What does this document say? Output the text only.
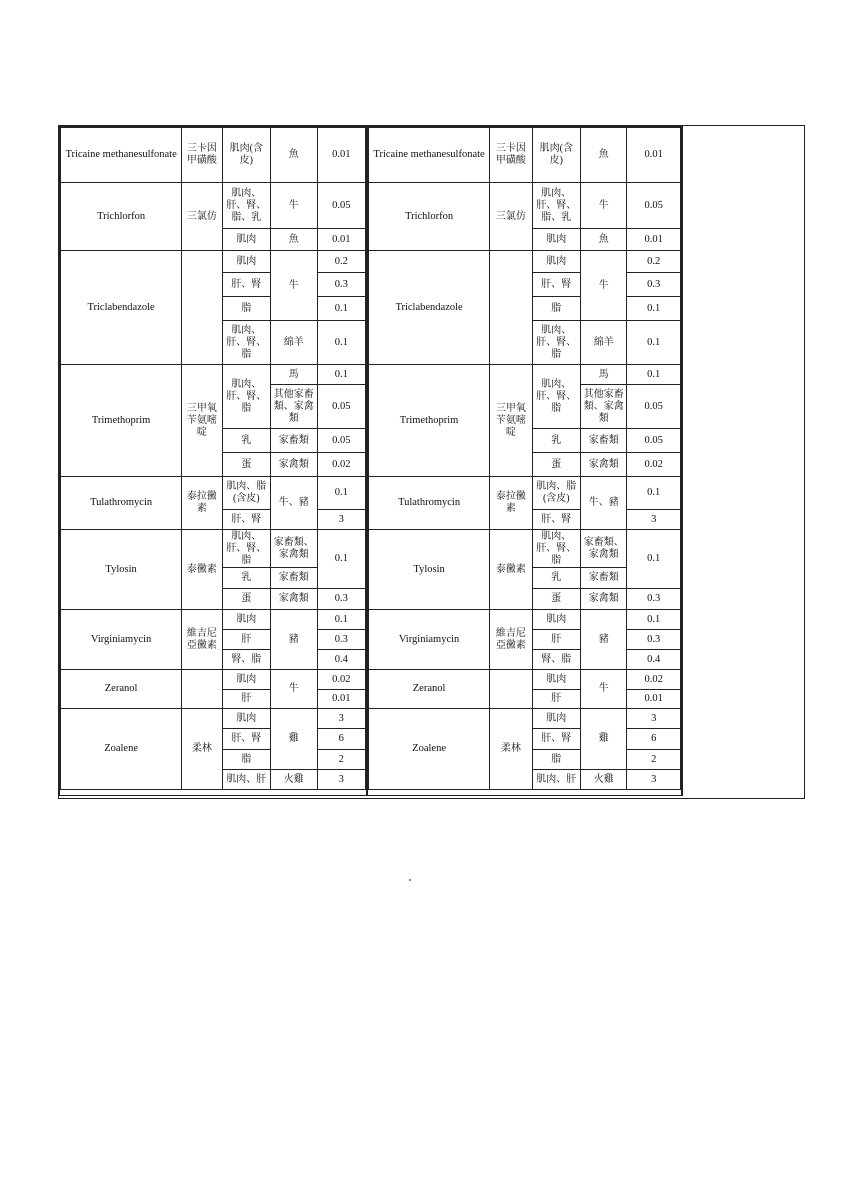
Tricaine methanesulfonate	三卡因
甲磺酸	肌肉(含
皮)	魚	0.01
Trichlorfon	三氯仿	肌肉、
肝、腎、
脂、乳	牛	0.05
		肌肉	魚	0.01
Triclabendazole		肌肉	牛	0.2
		肝、腎		0.3
		脂		0.1
		肌肉、
肝、腎、
脂	綿羊	0.1
Trimethoprim	三甲氧
苄氨嘧
啶	肌肉、
肝、腎、
脂	馬	0.1
			其他家畜
類、家禽
類	0.05
		乳	家畜類	0.05
		蛋	家禽類	0.02
Tulathromycin	泰拉黴
素	肌肉、脂
(含皮)	牛、豬	0.1
		肝、腎		3
Tylosin	泰黴素	肌肉、
肝、腎、
脂	家畜類、
家禽類	0.1
		乳	家畜類	
		蛋	家禽類	0.3
Virginiamycin	維吉尼亞黴素	肌肉	豬	0.1
		肝		0.3
		腎、脂		0.4
Zeranol		肌肉	牛	0.02
		肝		0.01
Zoalene	柔林	肌肉	雞	3
		肝、腎		6
		脂		2
		肌肉、肝	火雞	3
Tricaine methanesulfonate	三卡因
甲磺酸	肌肉(含
皮)	魚	0.01
Trichlorfon	三氯仿	肌肉、
肝、腎、
脂、乳	牛	0.05
		肌肉	魚	0.01
Triclabendazole		肌肉	牛	0.2
		肝、腎		0.3
		脂		0.1
		肌肉、
肝、腎、
脂	綿羊	0.1
Trimethoprim	三甲氧
苄氨嘧
啶	肌肉、
肝、腎、
脂	馬	0.1
			其他家畜
類、家禽
類	0.05
		乳	家畜類	0.05
		蛋	家禽類	0.02
Tulathromycin	泰拉黴
素	肌肉、脂
(含皮)	牛、豬	0.1
		肝、腎		3
Tylosin	泰黴素	肌肉、
肝、腎、
脂	家畜類、
家禽類	0.1
		乳	家畜類	
		蛋	家禽類	0.3
Virginiamycin	維吉尼亞黴素	肌肉	豬	0.1
		肝		0.3
		腎、脂		0.4
Zeranol		肌肉	牛	0.02
		肝		0.01
Zoalene	柔林	肌肉	雞	3
		肝、腎		6
		脂		2
		肌肉、肝	火雞	3
